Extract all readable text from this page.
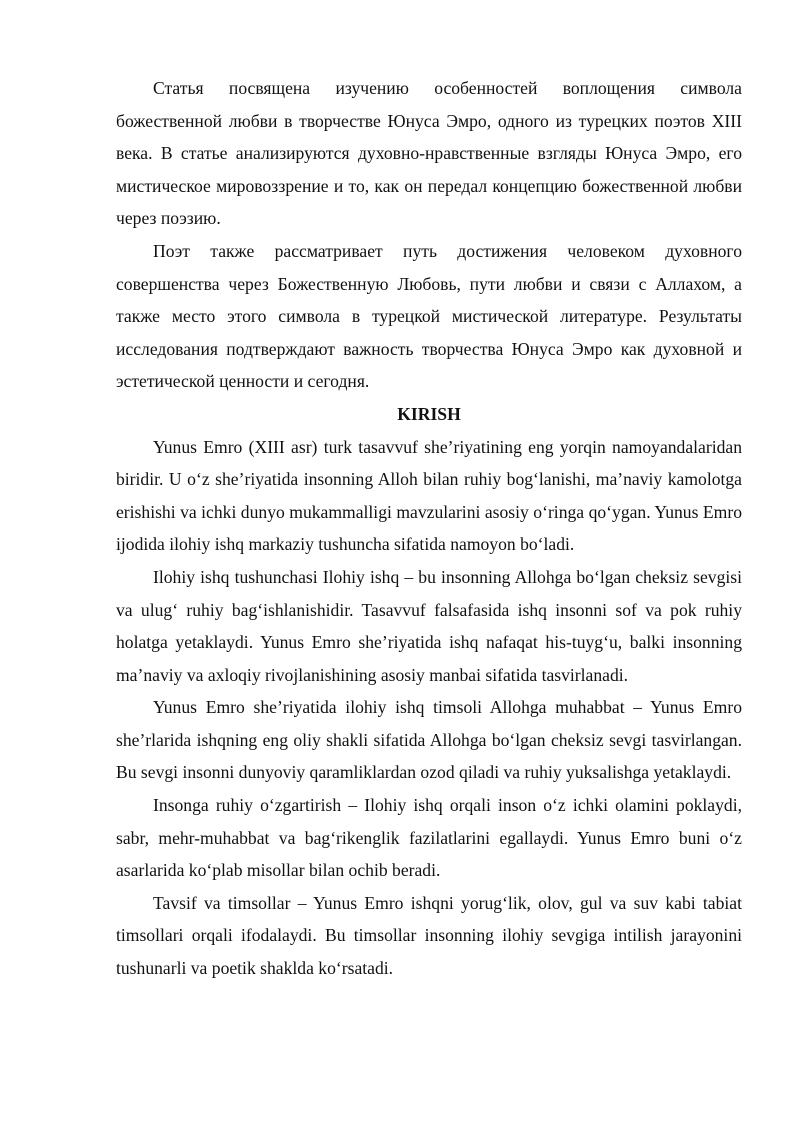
Статья посвящена изучению особенностей воплощения символа божественной любви в творчестве Юнуса Эмро, одного из турецких поэтов XIII века. В статье анализируются духовно-нравственные взгляды Юнуса Эмро, его мистическое мировоззрение и то, как он передал концепцию божественной любви через поэзию.

Поэт также рассматривает путь достижения человеком духовного совершенства через Божественную Любовь, пути любви и связи с Аллахом, а также место этого символа в турецкой мистической литературе. Результаты исследования подтверждают важность творчества Юнуса Эмро как духовной и эстетической ценности и сегодня.

KIRISH

Yunus Emro (XIII asr) turk tasavvuf she’riyatining eng yorqin namoyandalaridan biridir. U o‘z she’riyatida insonning Alloh bilan ruhiy bog‘lanishi, ma’naviy kamolotga erishishi va ichki dunyo mukammalligi mavzularini asosiy o‘ringa qo‘ygan. Yunus Emro ijodida ilohiy ishq markaziy tushuncha sifatida namoyon bo‘ladi.

Ilohiy ishq tushunchasi Ilohiy ishq – bu insonning Allohga bo‘lgan cheksiz sevgisi va ulug‘ ruhiy bag‘ishlanishidir. Tasavvuf falsafasida ishq insonni sof va pok ruhiy holatga yetaklaydi. Yunus Emro she’riyatida ishq nafaqat his-tuyg‘u, balki insonning ma’naviy va axloqiy rivojlanishining asosiy manbai sifatida tasvirlanadi.

Yunus Emro she’riyatida ilohiy ishq timsoli Allohga muhabbat – Yunus Emro she’rlarida ishqning eng oliy shakli sifatida Allohga bo‘lgan cheksiz sevgi tasvirlangan. Bu sevgi insonni dunyoviy qaramliklardan ozod qiladi va ruhiy yuksalishga yetaklaydi.

Insonga ruhiy o‘zgartirish – Ilohiy ishq orqali inson o‘z ichki olamini poklaydi, sabr, mehr-muhabbat va bag‘rikenglik fazilatlarini egallaydi. Yunus Emro buni o‘z asarlarida ko‘plab misollar bilan ochib beradi.

Tavsif va timsollar – Yunus Emro ishqni yorug‘lik, olov, gul va suv kabi tabiat timsollari orqali ifodalaydi. Bu timsollar insonning ilohiy sevgiga intilish jarayonini tushunarli va poetik shaklda ko‘rsatadi.
